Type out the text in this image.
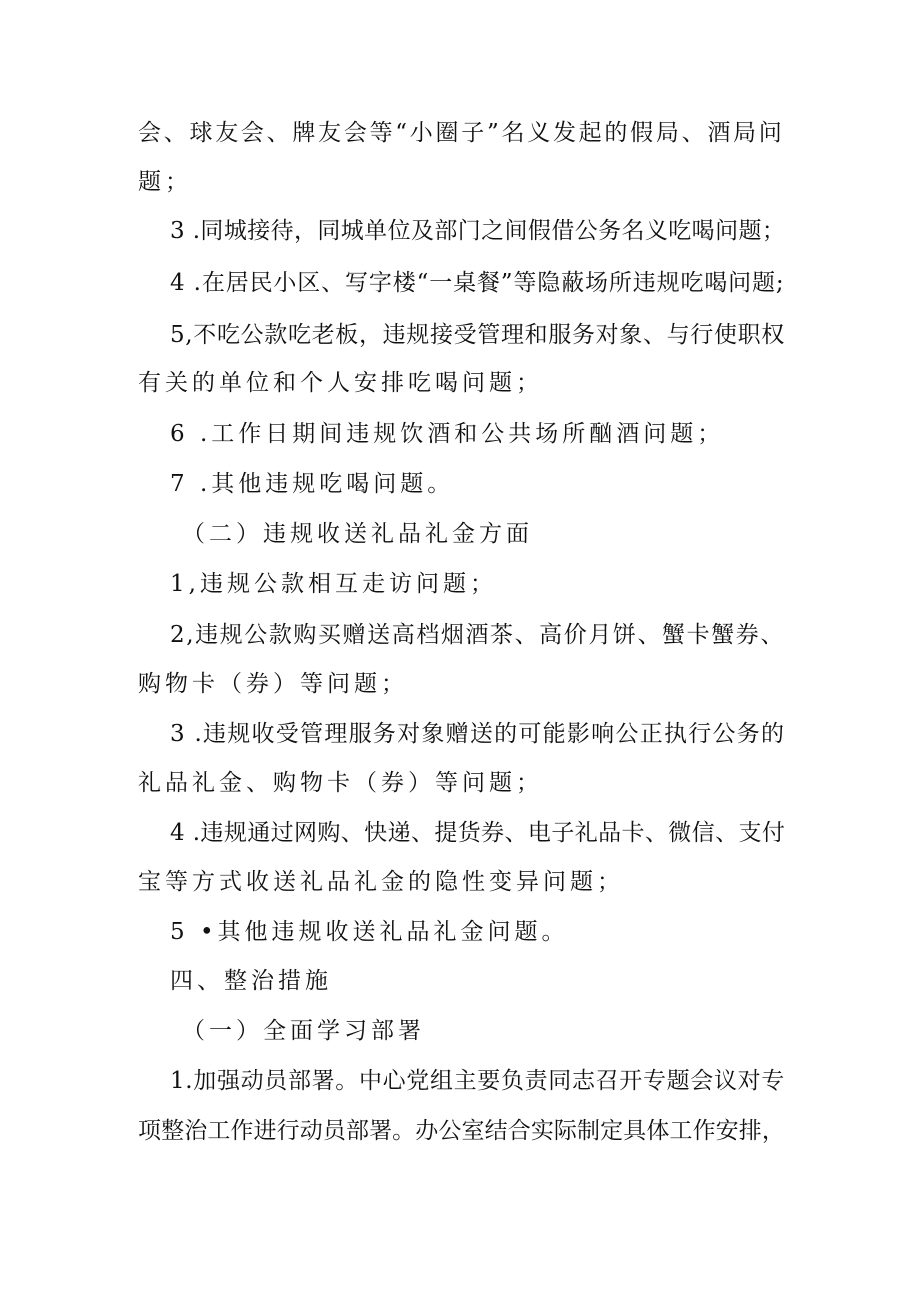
会、球友会、牌友会等“小圈子”名义发起的假局、酒局问
题；
3 .同城接待，同城单位及部门之间假借公务名义吃喝问题；
4 .在居民小区、写字楼“一桌餐”等隐蔽场所违规吃喝问题;
5,不吃公款吃老板，违规接受管理和服务对象、与行使职权
有关的单位和个人安排吃喝问题；
6 .工作日期间违规饮酒和公共场所酗酒问题；
7 .其他违规吃喝问题。
（二）违规收送礼品礼金方面
1,违规公款相互走访问题；
2,违规公款购买赠送高档烟酒茶、高价月饼、蟹卡蟹券、
购物卡（券）等问题；
3 .违规收受管理服务对象赠送的可能影响公正执行公务的
礼品礼金、购物卡（券）等问题；
4 .违规通过网购、快递、提货券、电子礼品卡、微信、支付
宝等方式收送礼品礼金的隐性变异问题；
5 •其他违规收送礼品礼金问题。
四、整治措施
（一）全面学习部署
1.加强动员部署。中心党组主要负责同志召开专题会议对专
项整治工作进行动员部署。办公室结合实际制定具体工作安排，
